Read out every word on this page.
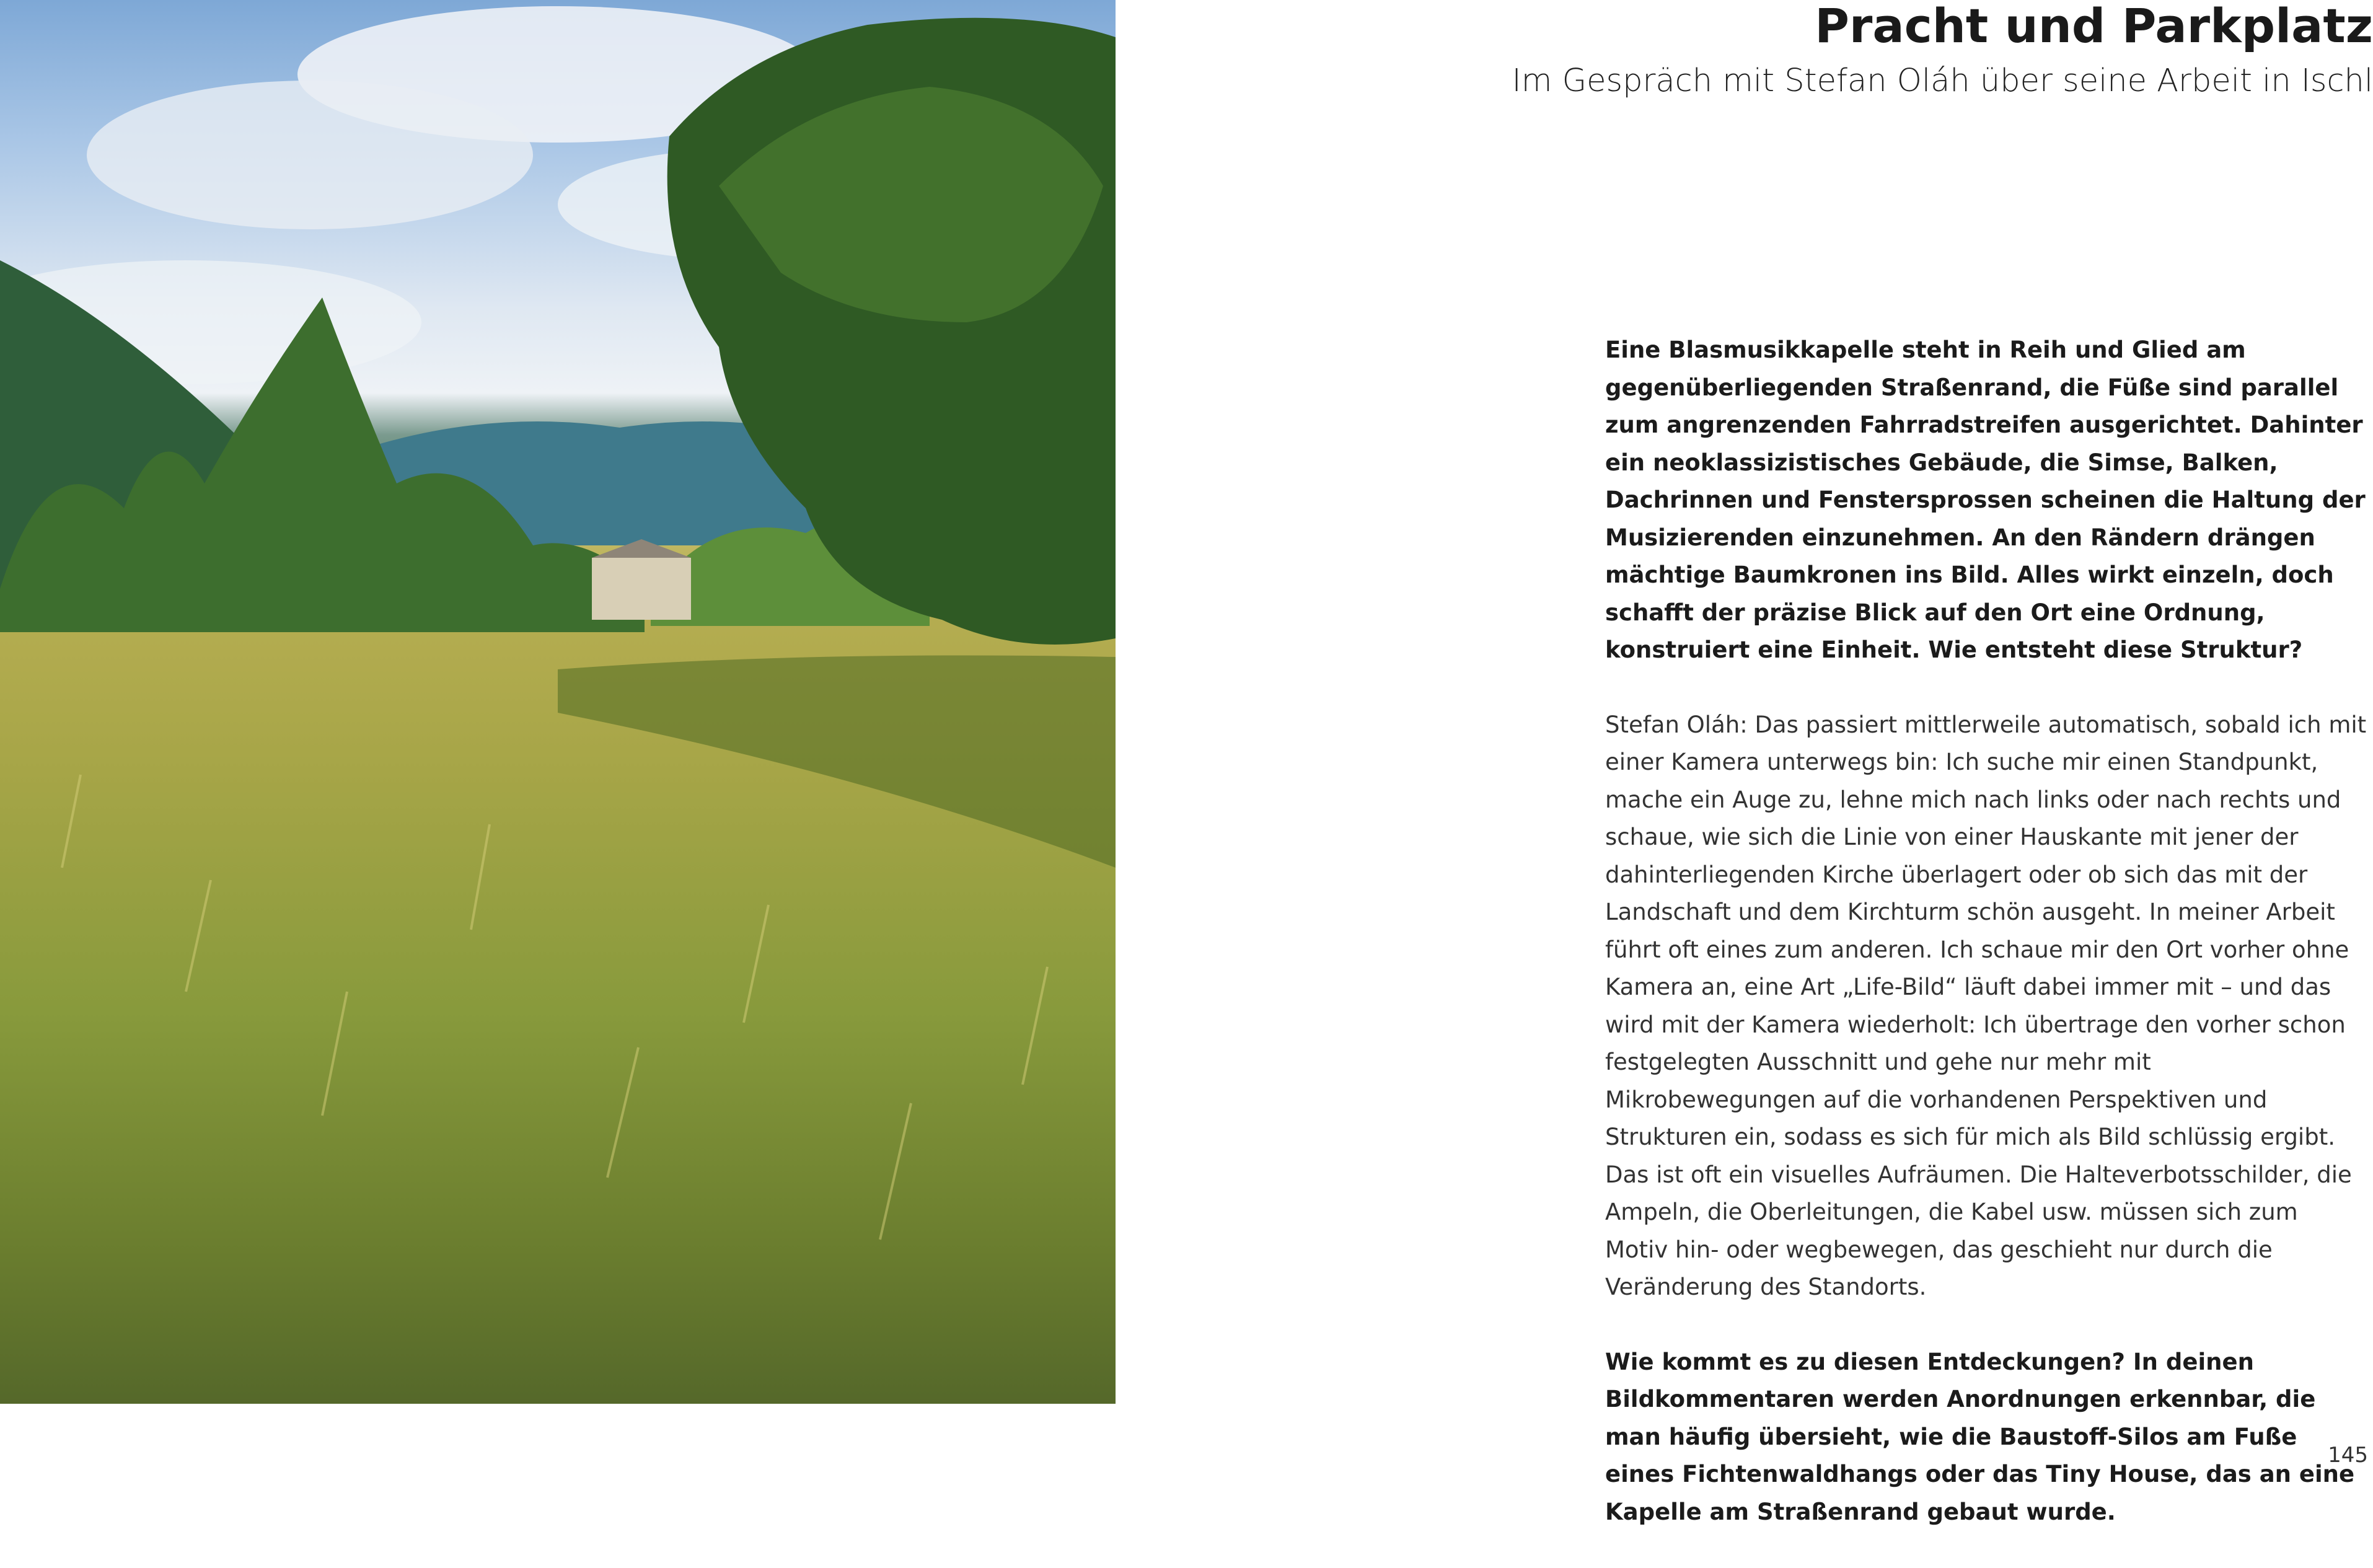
Pracht und Parkplatz
Im Gespräch mit Stefan Oláh über seine Arbeit in Ischl

Eine Blasmusikkapelle steht in Reih und Glied am gegenüberliegenden Straßenrand, die Füße sind parallel zum angrenzenden Fahrradstreifen ausgerichtet. Dahinter ein neoklassizistisches Gebäude, die Simse, Balken, Dachrinnen und Fenstersprossen scheinen die Haltung der Musizierenden einzunehmen. An den Rändern drängen mächtige Baumkronen ins Bild. Alles wirkt einzeln, doch schafft der präzise Blick auf den Ort eine Ordnung, konstruiert eine Einheit. Wie entsteht diese Struktur?

Stefan Oláh: Das passiert mittlerweile automatisch, sobald ich mit einer Kamera unterwegs bin: Ich suche mir einen Standpunkt, mache ein Auge zu, lehne mich nach links oder nach rechts und schaue, wie sich die Linie von einer Hauskante mit jener der dahinterliegenden Kirche überlagert oder ob sich das mit der Landschaft und dem Kirchturm schön ausgeht. In meiner Arbeit führt oft eines zum anderen. Ich schaue mir den Ort vorher ohne Kamera an, eine Art „Life-Bild“ läuft dabei immer mit – und das wird mit der Kamera wiederholt: Ich übertrage den vorher schon festgelegten Ausschnitt und gehe nur mehr mit Mikrobewegungen auf die vorhandenen Perspektiven und Strukturen ein, sodass es sich für mich als Bild schlüssig ergibt. Das ist oft ein visuelles Aufräumen. Die Halteverbotsschilder, die Ampeln, die Oberleitungen, die Kabel usw. müssen sich zum Motiv hin- oder wegbewegen, das geschieht nur durch die Veränderung des Standorts.

Wie kommt es zu diesen Entdeckungen? In deinen Bildkommentaren werden Anordnungen erkennbar, die man häufig übersieht, wie die Baustoff-Silos am Fuße eines Fichtenwaldhangs oder das Tiny House, das an eine Kapelle am Straßenrand gebaut wurde.

145
